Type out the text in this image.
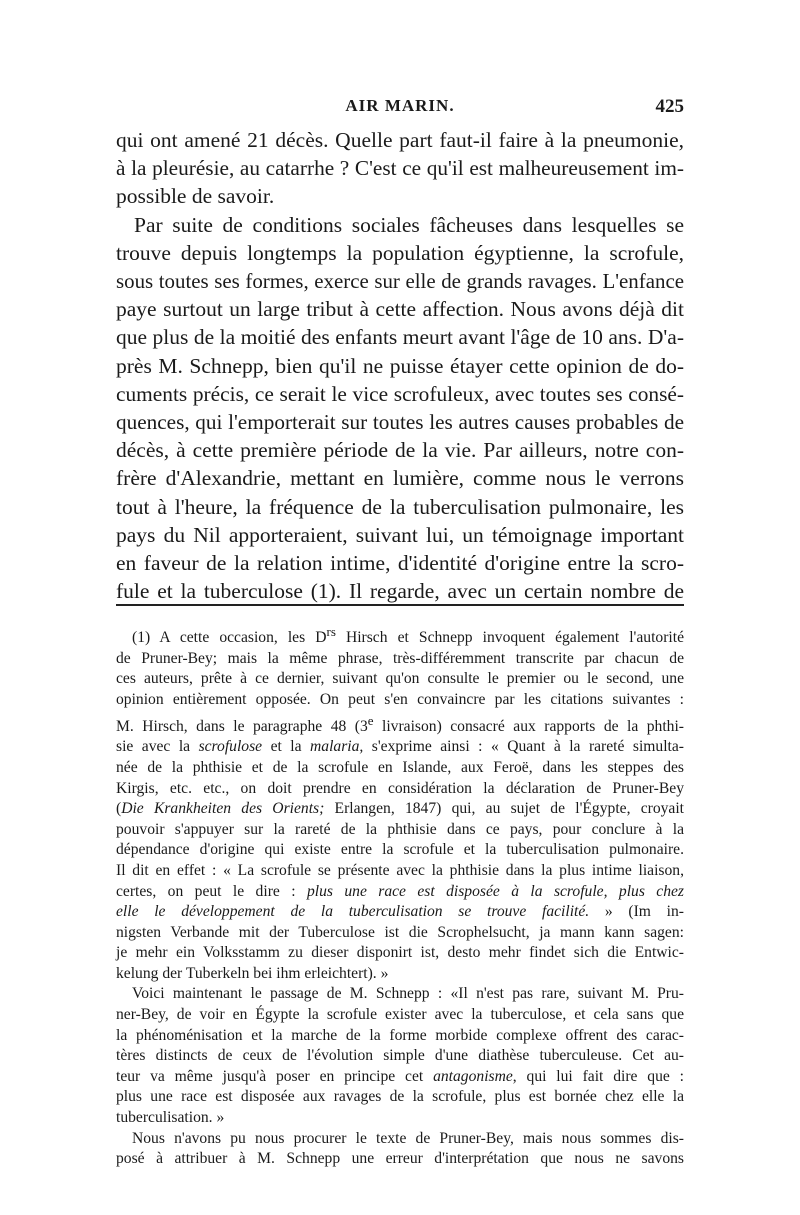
AIR MARIN.	425

qui ont amené 21 décès. Quelle part faut-il faire à la pneumonie,
à la pleurésie, au catarrhe ? C'est ce qu'il est malheureusement im-
possible de savoir.

Par suite de conditions sociales fâcheuses dans lesquelles se
trouve depuis longtemps la population égyptienne, la scrofule,
sous toutes ses formes, exerce sur elle de grands ravages. L'enfance
paye surtout un large tribut à cette affection. Nous avons déjà dit
que plus de la moitié des enfants meurt avant l'âge de 10 ans. D'a-
près M. Schnepp, bien qu'il ne puisse étayer cette opinion de do-
cuments précis, ce serait le vice scrofuleux, avec toutes ses consé-
quences, qui l'emporterait sur toutes les autres causes probables de
décès, à cette première période de la vie. Par ailleurs, notre con-
frère d'Alexandrie, mettant en lumière, comme nous le verrons
tout à l'heure, la fréquence de la tuberculisation pulmonaire, les
pays du Nil apporteraient, suivant lui, un témoignage important
en faveur de la relation intime, d'identité d'origine entre la scro-
fule et la tuberculose (1). Il regarde, avec un certain nombre de

(1) A cette occasion, les $D^{rs}$ Hirsch et Schnepp invoquent également l'autorité
de Pruner-Bey; mais la même phrase, très-différemment transcrite par chacun de
ces auteurs, prête à ce dernier, suivant qu'on consulte le premier ou le second, une
opinion entièrement opposée. On peut s'en convaincre par les citations suivantes :
M. Hirsch, dans le paragraphe 48 (3e livraison) consacré aux rapports de la phthi-
sie avec la scrofulose et la malaria, s'exprime ainsi : « Quant à la rareté simulta-
née de la phthisie et de la scrofule en Islande, aux Feroë, dans les steppes des
Kirgis, etc. etc., on doit prendre en considération la déclaration de Pruner-Bey
(Die Krankheiten des Orients; Erlangen, 1847) qui, au sujet de l'Égypte, croyait
pouvoir s'appuyer sur la rareté de la phthisie dans ce pays, pour conclure à la
dépendance d'origine qui existe entre la scrofule et la tuberculisation pulmonaire.
Il dit en effet : « La scrofule se présente avec la phthisie dans la plus intime liaison,
certes, on peut le dire : plus une race est disposée à la scrofule, plus chez
elle le développement de la tuberculisation se trouve facilité. » (Im in-
nigsten Verbande mit der Tuberculose ist die Scrophelsucht, ja mann kann sagen:
je mehr ein Volksstamm zu dieser disponirt ist, desto mehr findet sich die Entwic-
kelung der Tuberkeln bei ihm erleichtert). »
Voici maintenant le passage de M. Schnepp : «Il n'est pas rare, suivant M. Pru-
ner-Bey, de voir en Égypte la scrofule exister avec la tuberculose, et cela sans que
la phénoménisation et la marche de la forme morbide complexe offrent des carac-
tères distincts de ceux de l'évolution simple d'une diathèse tuberculeuse. Cet au-
teur va même jusqu'à poser en principe cet antagonisme, qui lui fait dire que :
plus une race est disposée aux ravages de la scrofule, plus est bornée chez elle la
tuberculisation. »
Nous n'avons pu nous procurer le texte de Pruner-Bey, mais nous sommes dis-
posé à attribuer à M. Schnepp une erreur d'interprétation que nous ne savons
